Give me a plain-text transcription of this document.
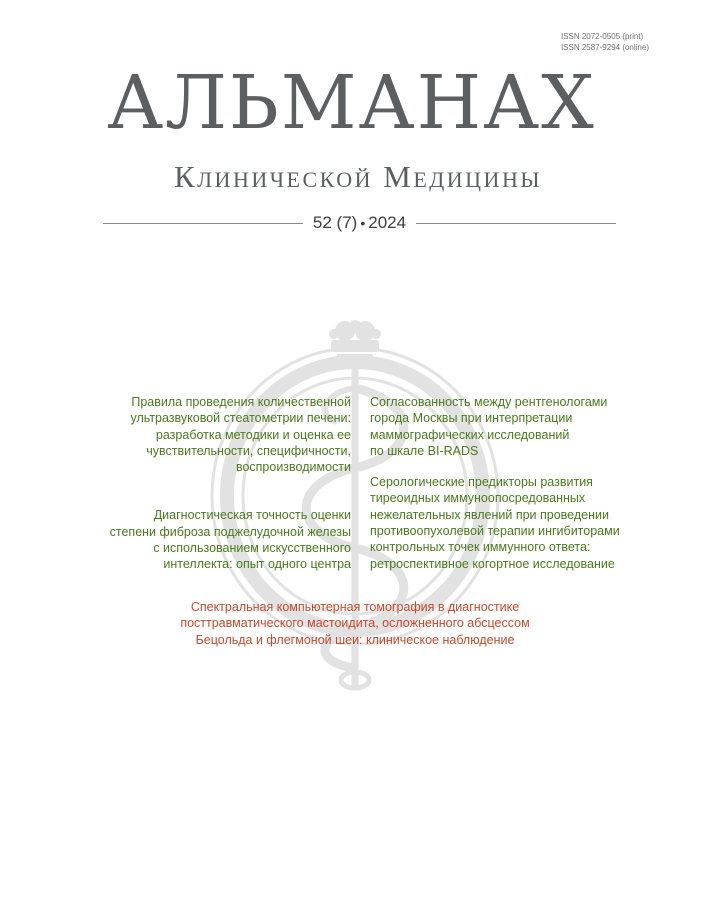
ISSN 2072-0505 (print)
ISSN 2587-9294 (online)
АЛЬМАНАХ
Клинической Медицины
52 (7) • 2024
Правила проведения количественной
ультразвуковой стеатометрии печени:
разработка методики и оценка ее
чувствительности, специфичности,
воспроизводимости
Диагностическая точность оценки
степени фиброза поджелудочной железы
с использованием искусственного
интеллекта: опыт одного центра
Согласованность между рентгенологами
города Москвы при интерпретации
маммографических исследований
по шкале BI-RADS
Серологические предикторы развития
тиреоидных иммуноопосредованных
нежелательных явлений при проведении
противоопухолевой терапии ингибиторами
контрольных точек иммунного ответа:
ретроспективное когортное исследование
Спектральная компьютерная томография в диагностике
посттравматического мастоидита, осложненного абсцессом
Бецольда и флегмоной шеи: клиническое наблюдение
